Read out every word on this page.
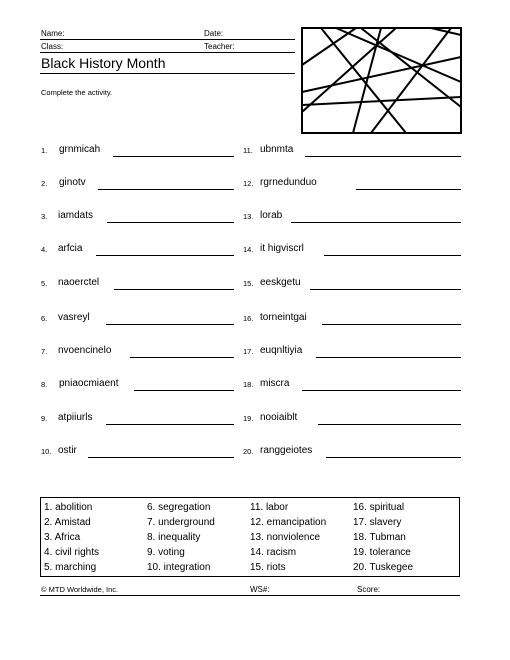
Name:	Date:
Class:	Teacher:
Black History Month
Complete the activity.
1. grnmicah
2. ginotv
3. iamdats
4. arfcia
5. naoerctel
6. vasreyl
7. nvoencinelo
8. pniaocmiaent
9. atpiiurls
10. ostir
11. ubnmta
12. rgrnedunduo
13. lorab
14. it higviscrl
15. eeskgetu
16. torneintgai
17. euqnltiyia
18. miscra
19. nooiaiblt
20. ranggeiotes
1. abolition
2. Amistad
3. Africa
4. civil rights
5. marching
6. segregation
7. underground
8. inequality
9. voting
10. integration
11. labor
12. emancipation
13. nonviolence
14. racism
15. riots
16. spiritual
17. slavery
18. Tubman
19. tolerance
20. Tuskegee
© MTD Worldwide, Inc.	WS#:	Score:
